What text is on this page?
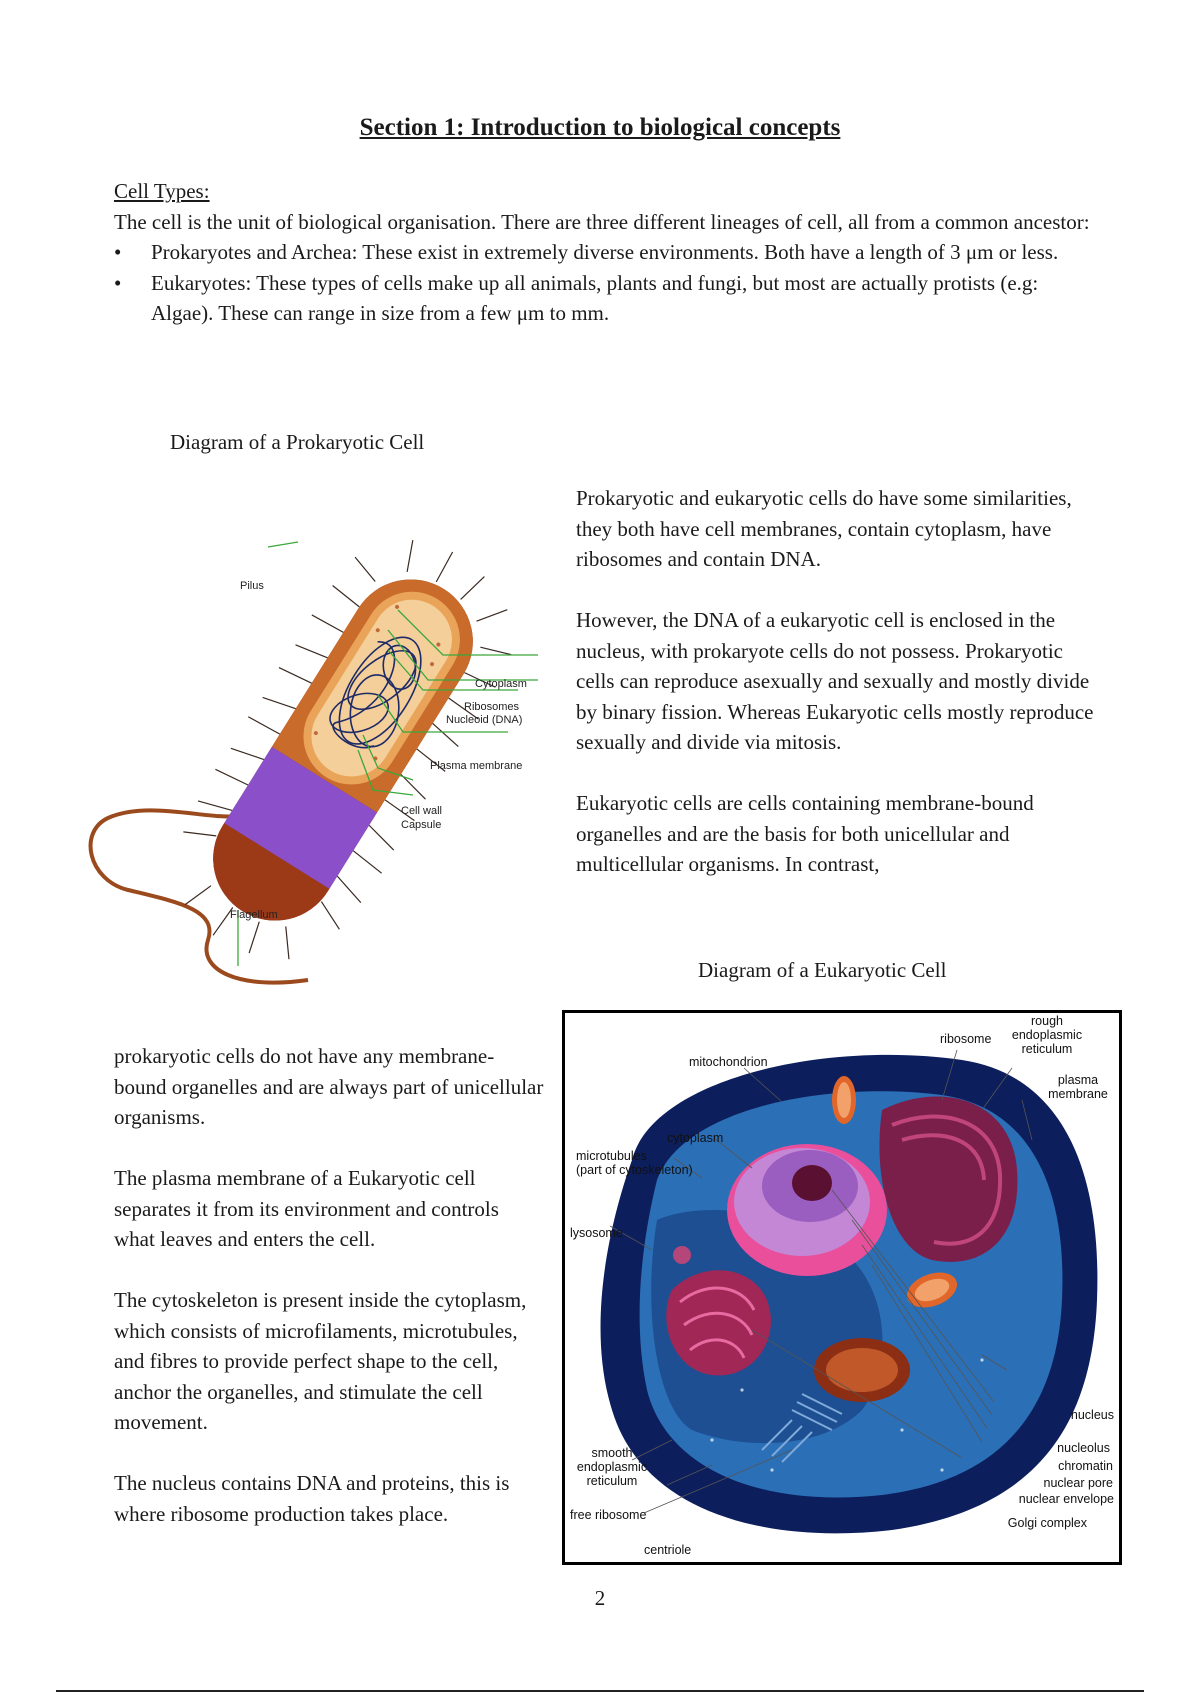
Section 1: Introduction to biological concepts
Cell Types:
The cell is the unit of biological organisation. There are three different lineages of cell, all from a common ancestor:
• Prokaryotes and Archea: These exist in extremely diverse environments. Both have a length of 3 μm or less.
• Eukaryotes: These types of cells make up all animals, plants and fungi, but most are actually protists (e.g: Algae). These can range in size from a few μm to mm.
Diagram of a Prokaryotic Cell
Pilus
Cytoplasm
Ribosomes
Nucleoid (DNA)
Plasma membrane
Cell wall
Capsule
Flagellum

Prokaryotic and eukaryotic cells do have some similarities, they both have cell membranes, contain cytoplasm, have ribosomes and contain DNA.

However, the DNA of a eukaryotic cell is enclosed in the nucleus, with prokaryote cells do not possess. Prokaryotic cells can reproduce asexually and sexually and mostly divide by binary fission. Whereas Eukaryotic cells mostly reproduce sexually and divide via mitosis.

Eukaryotic cells are cells containing membrane-bound organelles and are the basis for both unicellular and multicellular organisms. In contrast,

Diagram of a Eukaryotic Cell

prokaryotic cells do not have any membrane-bound organelles and are always part of unicellular organisms.

The plasma membrane of a Eukaryotic cell separates it from its environment and controls what leaves and enters the cell.

The cytoskeleton is present inside the cytoplasm, which consists of microfilaments, microtubules, and fibres to provide perfect shape to the cell, anchor the organelles, and stimulate the cell movement.

The nucleus contains DNA and proteins, this is where ribosome production takes place.

ribosome
rough
endoplasmic
reticulum
mitochondrion
plasma
membrane
cytoplasm
microtubules
(part of cytoskeleton)
lysosome
nucleus
smooth
endoplasmic
reticulum
nucleolus
chromatin
nuclear pore
nuclear envelope
free ribosome
Golgi complex
centriole
2
